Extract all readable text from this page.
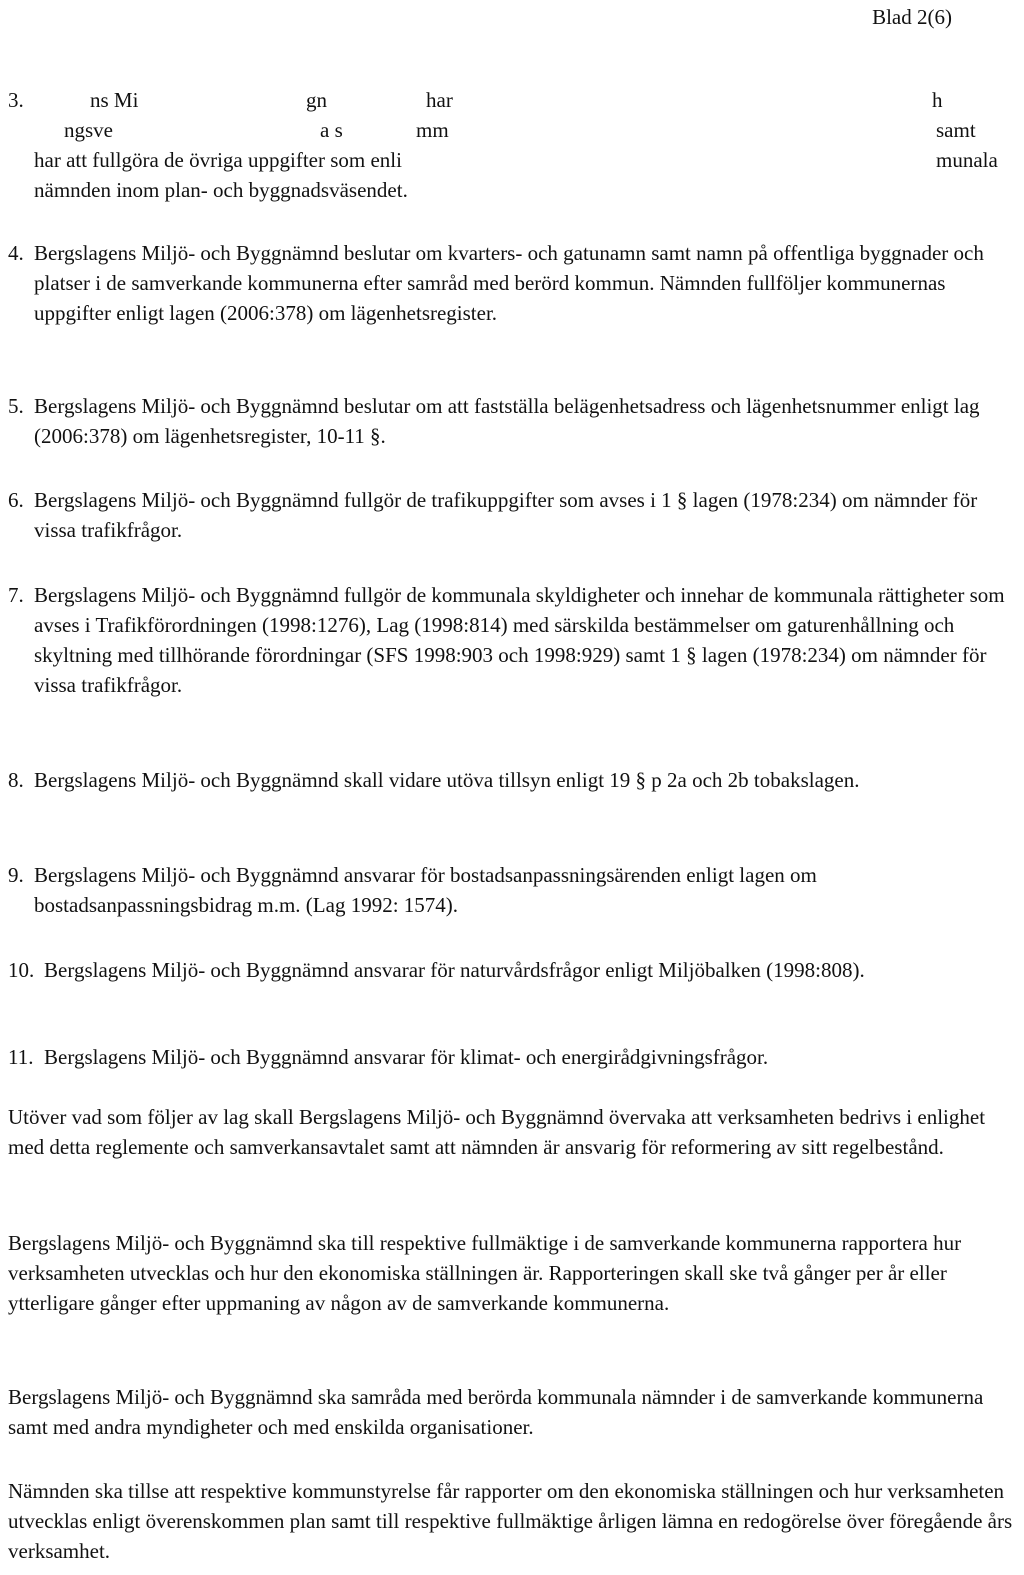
Blad 2(6)
3.	ns Mi	gn	har	h
ngsve	a s	mm	samt
har att fullgöra de övriga uppgifter som enli	munala
nämnden inom plan- och byggnadsväsendet.
4. Bergslagens Miljö- och Byggnämnd beslutar om kvarters- och gatunamn samt namn på offentliga byggnader och platser i de samverkande kommunerna efter samråd med berörd kommun. Nämnden fullföljer kommunernas uppgifter enligt lagen (2006:378) om lägenhetsregister.
5. Bergslagens Miljö- och Byggnämnd beslutar om att fastställa belägenhetsadress och lägenhetsnummer enligt lag (2006:378) om lägenhetsregister, 10-11 §.
6. Bergslagens Miljö- och Byggnämnd fullgör de trafikuppgifter som avses i 1 § lagen (1978:234) om nämnder för vissa trafikfrågor.
7. Bergslagens Miljö- och Byggnämnd fullgör de kommunala skyldigheter och innehar de kommunala rättigheter som avses i Trafikförordningen (1998:1276), Lag (1998:814) med särskilda bestämmelser om gaturenhållning och skyltning med tillhörande förordningar (SFS 1998:903 och 1998:929) samt 1 § lagen (1978:234) om nämnder för vissa trafikfrågor.
8. Bergslagens Miljö- och Byggnämnd skall vidare utöva tillsyn enligt 19 § p 2a och 2b tobakslagen.
9. Bergslagens Miljö- och Byggnämnd ansvarar för bostadsanpassningsärenden enligt lagen om bostadsanpassningsbidrag m.m. (Lag 1992: 1574).
10. Bergslagens Miljö- och Byggnämnd ansvarar för naturvårdsfrågor enligt Miljöbalken (1998:808).
11. Bergslagens Miljö- och Byggnämnd ansvarar för klimat- och energirådgivningsfrågor.
Utöver vad som följer av lag skall Bergslagens Miljö- och Byggnämnd övervaka att verksamheten bedrivs i enlighet med detta reglemente och samverkansavtalet samt att nämnden är ansvarig för reformering av sitt regelbestånd.
Bergslagens Miljö- och Byggnämnd ska till respektive fullmäktige i de samverkande kommunerna rapportera hur verksamheten utvecklas och hur den ekonomiska ställningen är. Rapporteringen skall ske två gånger per år eller ytterligare gånger efter uppmaning av någon av de samverkande kommunerna.
Bergslagens Miljö- och Byggnämnd ska samråda med berörda kommunala nämnder i de samverkande kommunerna samt med andra myndigheter och med enskilda organisationer.
Nämnden ska tillse att respektive kommunstyrelse får rapporter om den ekonomiska ställningen och hur verksamheten utvecklas enligt överenskommen plan samt till respektive fullmäktige årligen lämna en redogörelse över föregående års verksamhet.
